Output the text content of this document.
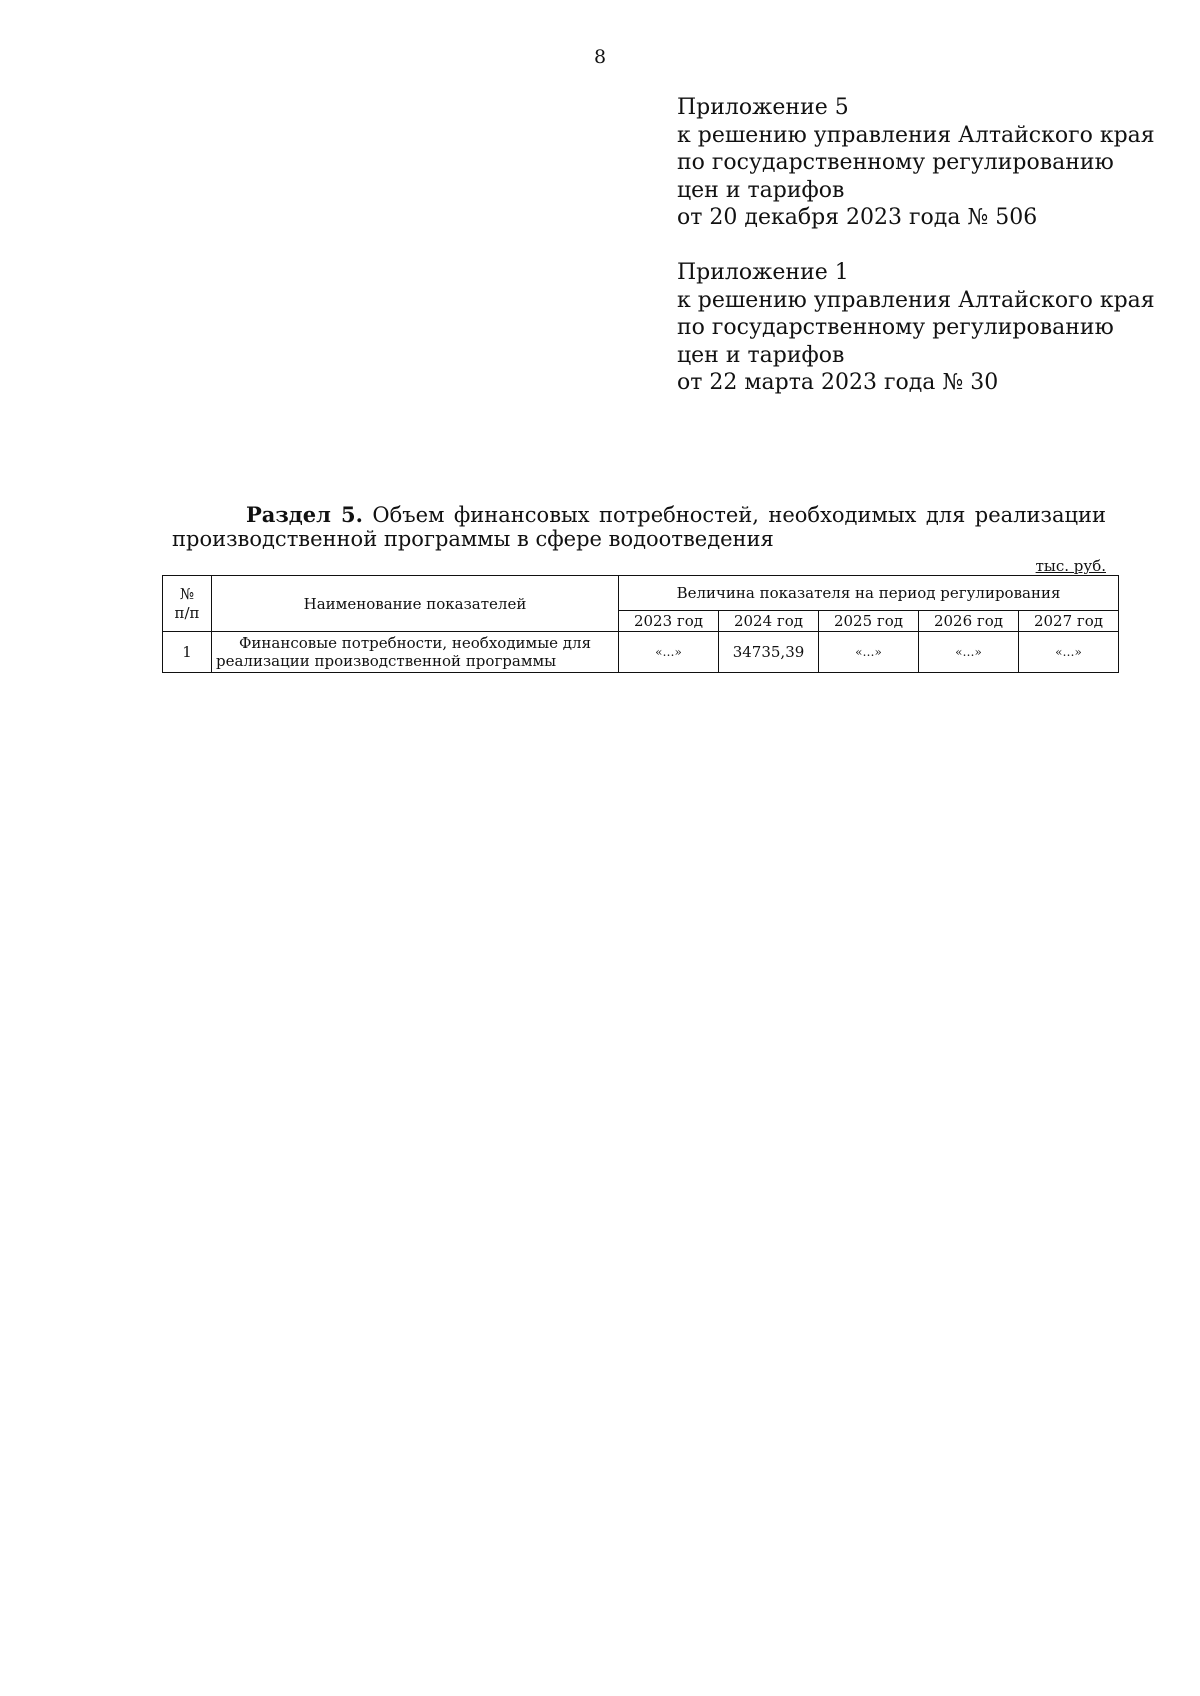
8
Приложение 5
к решению управления Алтайского края
по государственному регулированию
цен и тарифов
от 20 декабря 2023 года № 506
Приложение 1
к решению управления Алтайского края
по государственному регулированию
цен и тарифов
от 22 марта 2023 года № 30
Раздел 5. Объем финансовых потребностей, необходимых для реализации
производственной программы в сфере водоотведения
тыс. руб.
№
п/п	Наименование показателей	Величина показателя на период регулирования				
		2023 год	2024 год	2025 год	2026 год	2027 год
1	Финансовые потребности, необходимые для реализации производственной программы	«…»	34735,39	«…»	«…»	«…»
